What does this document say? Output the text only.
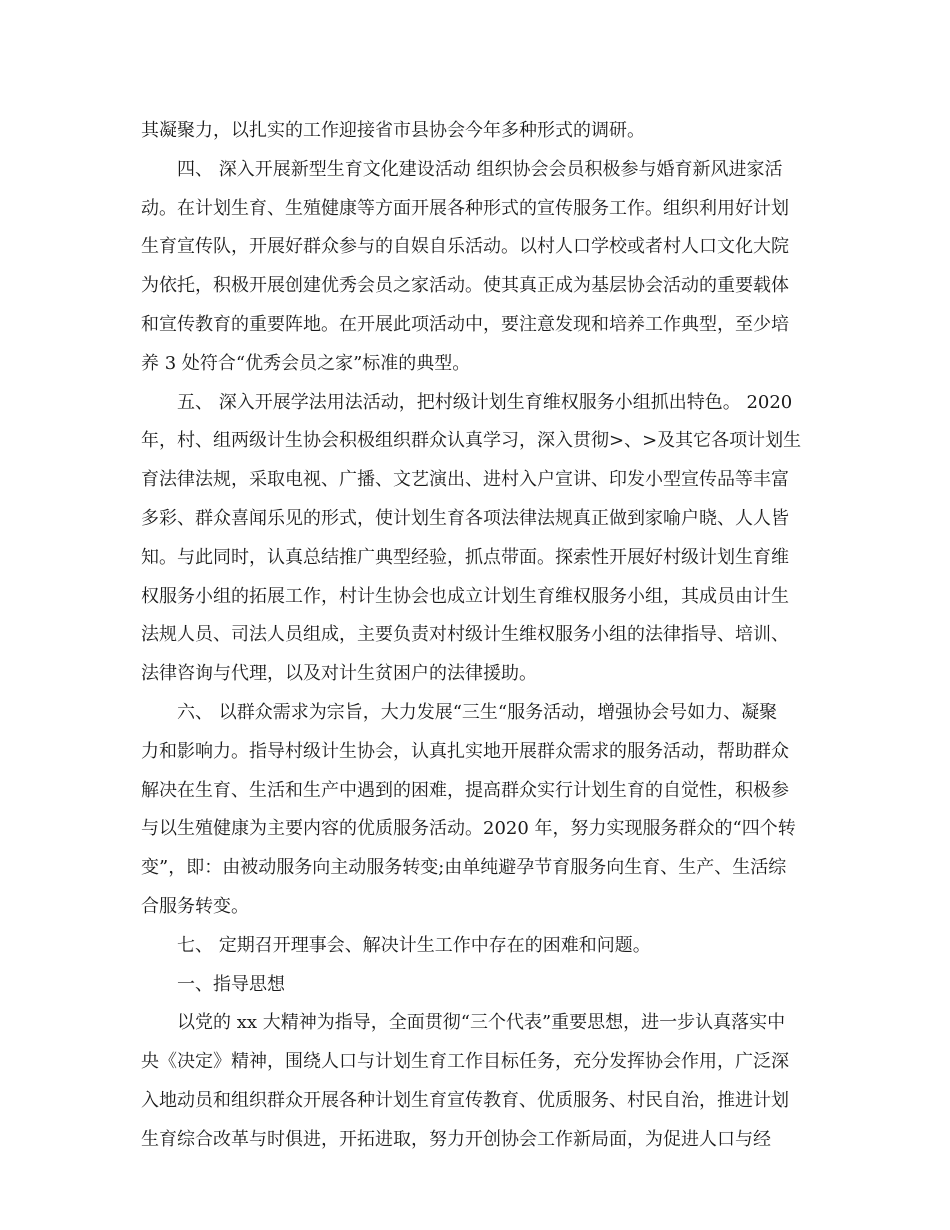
其凝聚力，以扎实的工作迎接省市县协会今年多种形式的调研。
四、 深入开展新型生育文化建设活动 组织协会会员积极参与婚育新风进家活
动。在计划生育、生殖健康等方面开展各种形式的宣传服务工作。组织利用好计划
生育宣传队，开展好群众参与的自娱自乐活动。以村人口学校或者村人口文化大院
为依托，积极开展创建优秀会员之家活动。使其真正成为基层协会活动的重要载体
和宣传教育的重要阵地。在开展此项活动中，要注意发现和培养工作典型，至少培
养 3 处符合“优秀会员之家”标准的典型。
五、 深入开展学法用法活动，把村级计划生育维权服务小组抓出特色。 2020
年，村、组两级计生协会积极组织群众认真学习，深入贯彻>、>及其它各项计划生
育法律法规，采取电视、广播、文艺演出、进村入户宣讲、印发小型宣传品等丰富
多彩、群众喜闻乐见的形式，使计划生育各项法律法规真正做到家喻户晓、人人皆
知。与此同时，认真总结推广典型经验，抓点带面。探索性开展好村级计划生育维
权服务小组的拓展工作，村计生协会也成立计划生育维权服务小组，其成员由计生
法规人员、司法人员组成，主要负责对村级计生维权服务小组的法律指导、培训、
法律咨询与代理，以及对计生贫困户的法律援助。
六、 以群众需求为宗旨，大力发展“三生“服务活动，增强协会号如力、凝聚
力和影响力。指导村级计生协会，认真扎实地开展群众需求的服务活动，帮助群众
解决在生育、生活和生产中遇到的困难，提高群众实行计划生育的自觉性，积极参
与以生殖健康为主要内容的优质服务活动。2020 年，努力实现服务群众的“四个转
变”，即：由被动服务向主动服务转变;由单纯避孕节育服务向生育、生产、生活综
合服务转变。
七、 定期召开理事会、解决计生工作中存在的困难和问题。
一、指导思想
以党的 xx 大精神为指导，全面贯彻“三个代表”重要思想，进一步认真落实中
央《决定》精神，围绕人口与计划生育工作目标任务，充分发挥协会作用，广泛深
入地动员和组织群众开展各种计划生育宣传教育、优质服务、村民自治，推进计划
生育综合改革与时俱进，开拓进取，努力开创协会工作新局面，为促进人口与经
